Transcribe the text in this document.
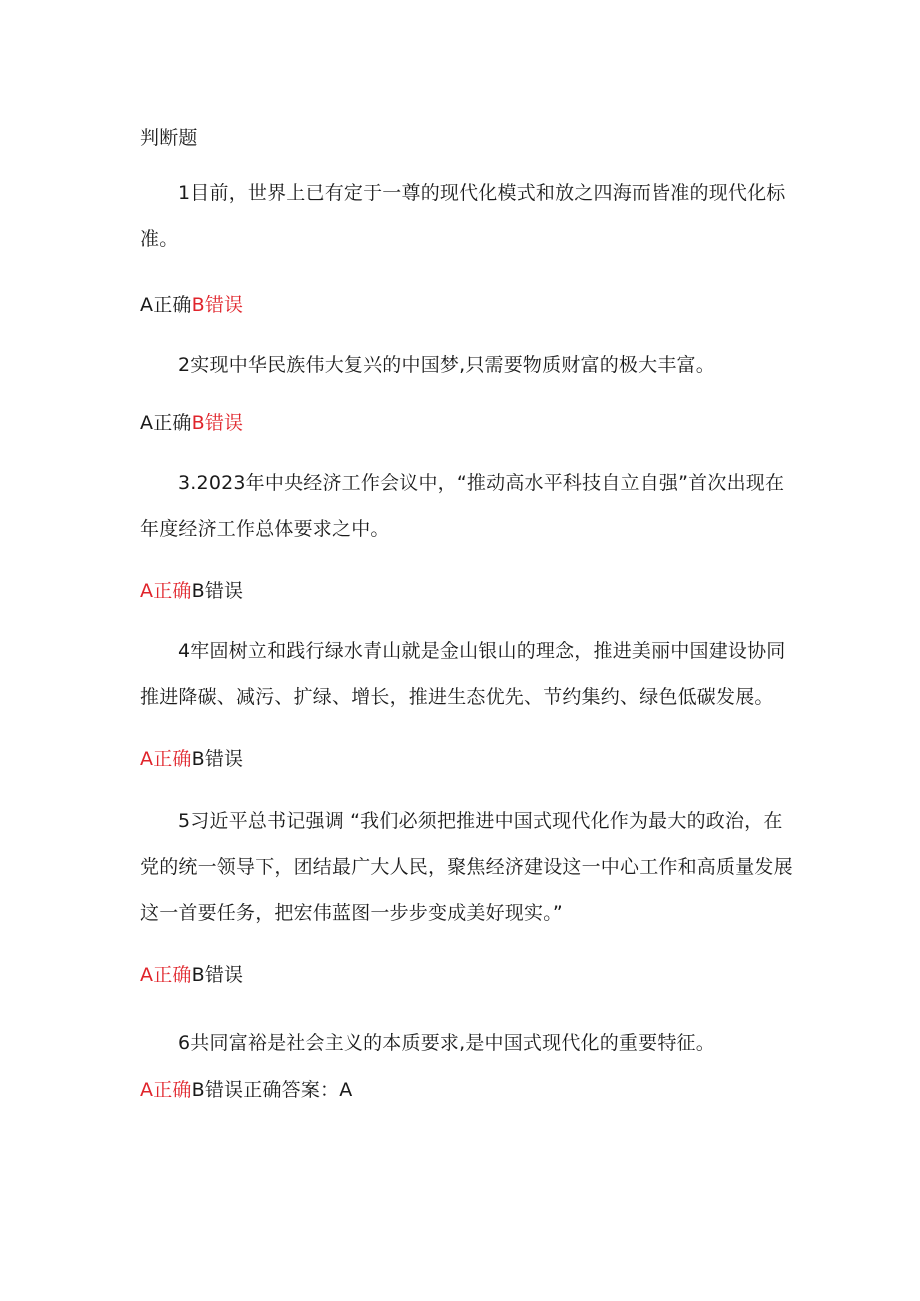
判断题
1目前，世界上已有定于一尊的现代化模式和放之四海而皆准的现代化标准。
A正确B错误
2实现中华民族伟大复兴的中国梦,只需要物质财富的极大丰富。
A正确B错误
3.2023年中央经济工作会议中，“推动高水平科技自立自强”首次出现在年度经济工作总体要求之中。
A正确B错误
4牢固树立和践行绿水青山就是金山银山的理念，推进美丽中国建设协同推进降碳、减污、扩绿、增长，推进生态优先、节约集约、绿色低碳发展。
A正确B错误
5习近平总书记强调 “我们必须把推进中国式现代化作为最大的政治，在党的统一领导下，团结最广大人民，聚焦经济建设这一中心工作和高质量发展这一首要任务，把宏伟蓝图一步步变成美好现实。”
A正确B错误
6共同富裕是社会主义的本质要求,是中国式现代化的重要特征。
A正确B错误正确答案：A
